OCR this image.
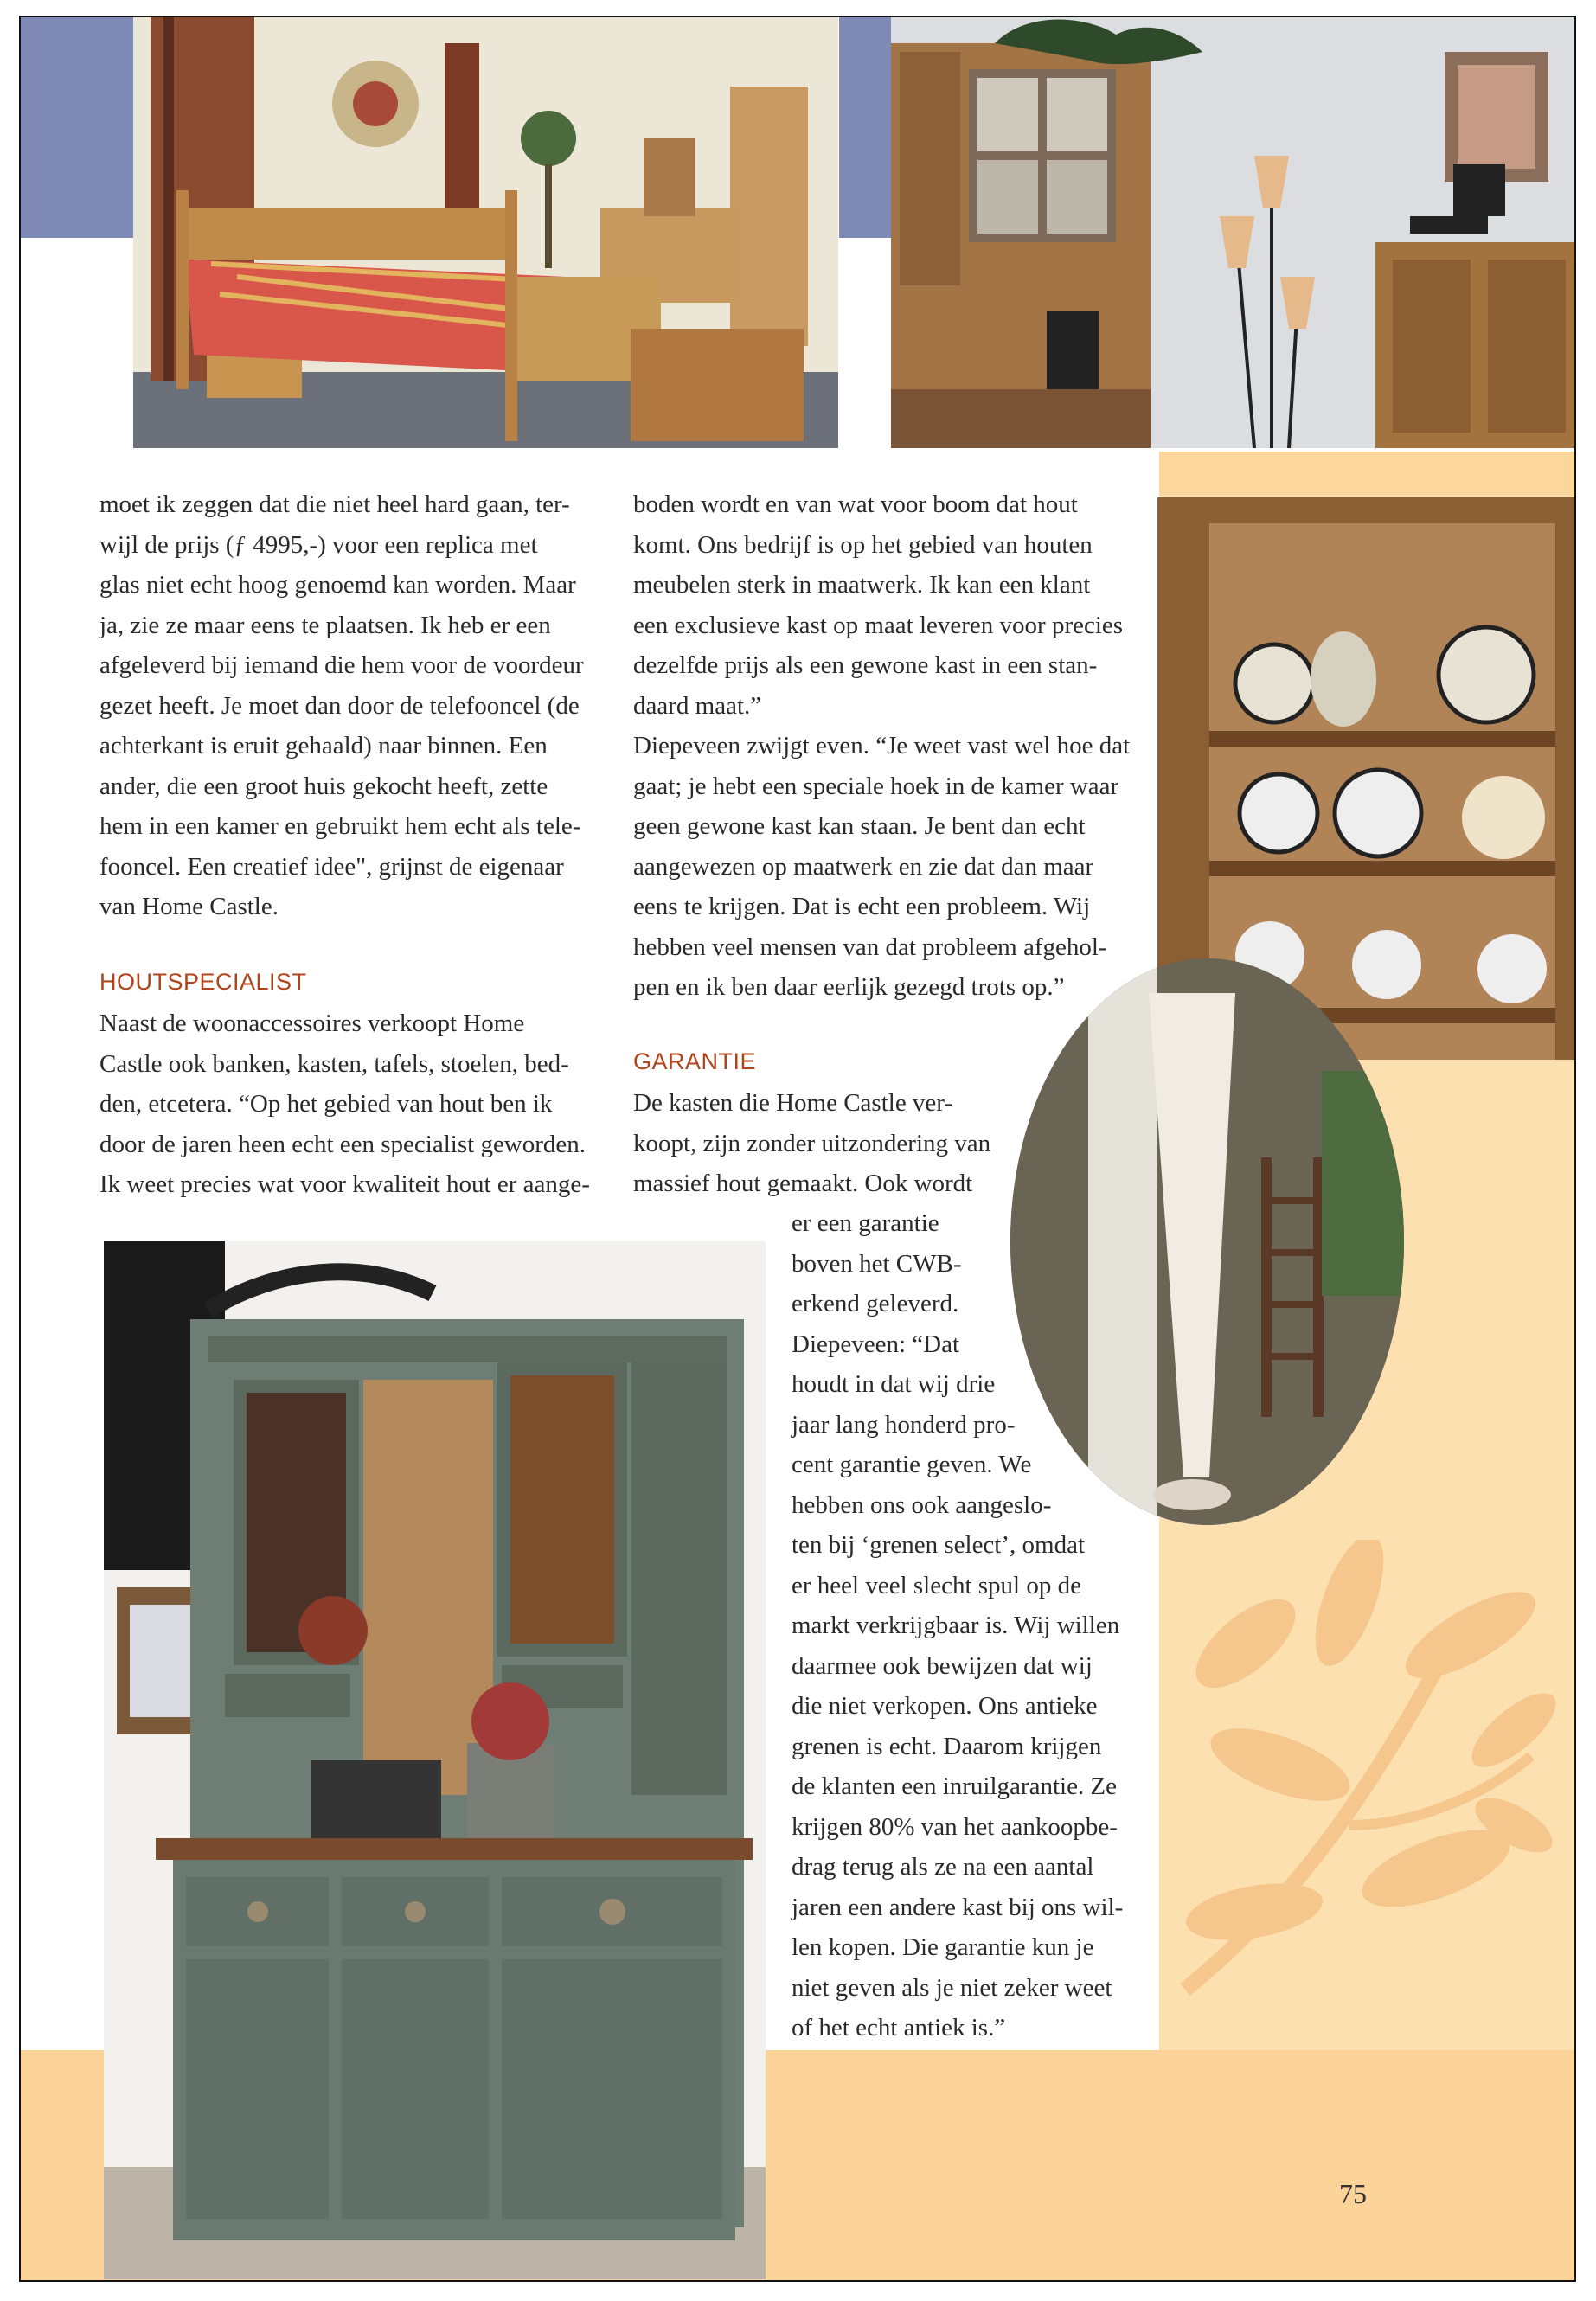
moet ik zeggen dat die niet heel hard gaan, ter-
wijl de prijs (ƒ 4995,-) voor een replica met
glas niet echt hoog genoemd kan worden. Maar
ja, zie ze maar eens te plaatsen. Ik heb er een
afgeleverd bij iemand die hem voor de voordeur
gezet heeft. Je moet dan door de telefooncel (de
achterkant is eruit gehaald) naar binnen. Een
ander, die een groot huis gekocht heeft, zette
hem in een kamer en gebruikt hem echt als tele-
fooncel. Een creatief idee", grijnst de eigenaar
van Home Castle.
HOUTSPECIALIST
Naast de woonaccessoires verkoopt Home
Castle ook banken, kasten, tafels, stoelen, bed-
den, etcetera. “Op het gebied van hout ben ik
door de jaren heen echt een specialist geworden.
Ik weet precies wat voor kwaliteit hout er aange-
boden wordt en van wat voor boom dat hout
komt. Ons bedrijf is op het gebied van houten
meubelen sterk in maatwerk. Ik kan een klant
een exclusieve kast op maat leveren voor precies
dezelfde prijs als een gewone kast in een stan-
daard maat.”
Diepeveen zwijgt even. “Je weet vast wel hoe dat
gaat; je hebt een speciale hoek in de kamer waar
geen gewone kast kan staan. Je bent dan echt
aangewezen op maatwerk en zie dat dan maar
eens te krijgen. Dat is echt een probleem. Wij
hebben veel mensen van dat probleem afgehol-
pen en ik ben daar eerlijk gezegd trots op.”
GARANTIE
De kasten die Home Castle ver-
koopt, zijn zonder uitzondering van
massief hout gemaakt. Ook wordt
er een garantie
boven het CWB-
erkend geleverd.
Diepeveen: “Dat
houdt in dat wij drie
jaar lang honderd pro-
cent garantie geven. We
hebben ons ook aangeslo-
ten bij ‘grenen select’, omdat
er heel veel slecht spul op de
markt verkrijgbaar is. Wij willen
daarmee ook bewijzen dat wij
die niet verkopen. Ons antieke
grenen is echt. Daarom krijgen
de klanten een inruilgarantie. Ze
krijgen 80% van het aankoopbe-
drag terug als ze na een aantal
jaren een andere kast bij ons wil-
len kopen. Die garantie kun je
niet geven als je niet zeker weet
of het echt antiek is.”
75
